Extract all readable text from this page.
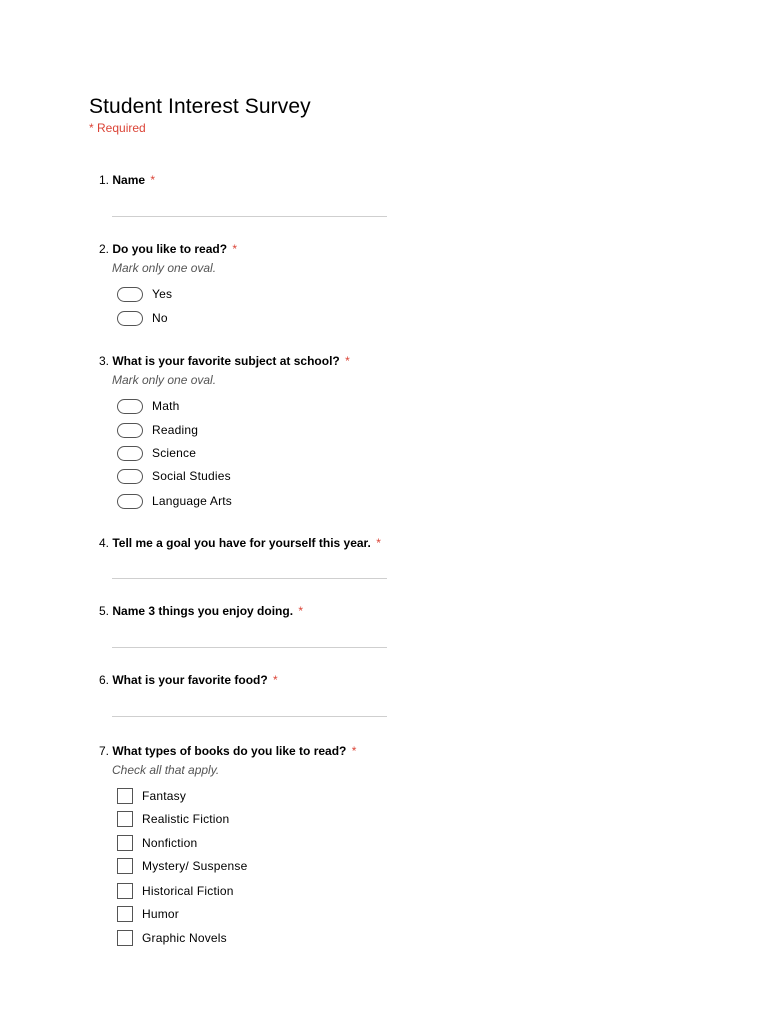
Student Interest Survey
* Required
1. Name *
2. Do you like to read? *
Mark only one oval.
Yes
No
3. What is your favorite subject at school? *
Mark only one oval.
Math
Reading
Science
Social Studies
Language Arts
4. Tell me a goal you have for yourself this year. *
5. Name 3 things you enjoy doing. *
6. What is your favorite food? *
7. What types of books do you like to read? *
Check all that apply.
Fantasy
Realistic Fiction
Nonfiction
Mystery/ Suspense
Historical Fiction
Humor
Graphic Novels
